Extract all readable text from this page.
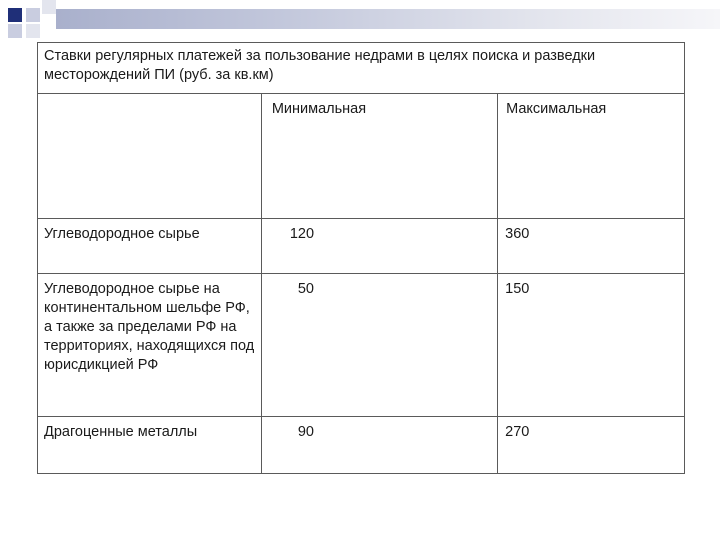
Ставки регулярных платежей за пользование недрами в целях поиска и разведки месторождений ПИ (руб. за кв.км)		
	Минимальная	Максимальная
Углеводородное сырье	120	360
Углеводородное сырье на континентальном шельфе РФ, а также за пределами РФ на территориях, находящихся под юрисдикцией РФ	50	150
Драгоценные металлы	90	270
